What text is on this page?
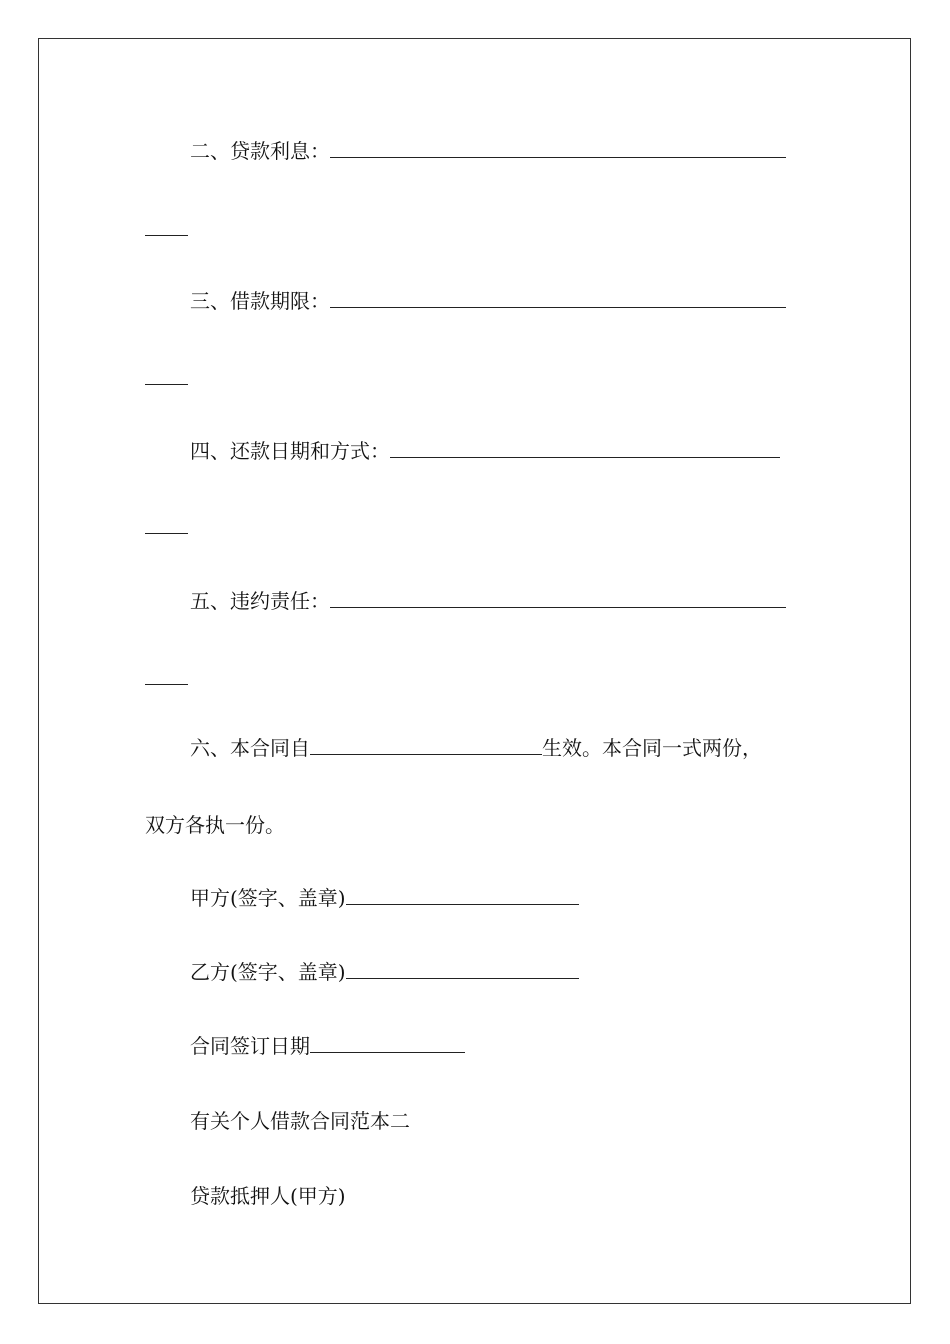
二、贷款利息：
三、借款期限：
四、还款日期和方式：
五、违约责任：
六、本合同自	生效。本合同一式两份，
双方各执一份。
甲方(签字、盖章)
乙方(签字、盖章)
合同签订日期
有关个人借款合同范本二
贷款抵押人(甲方)
